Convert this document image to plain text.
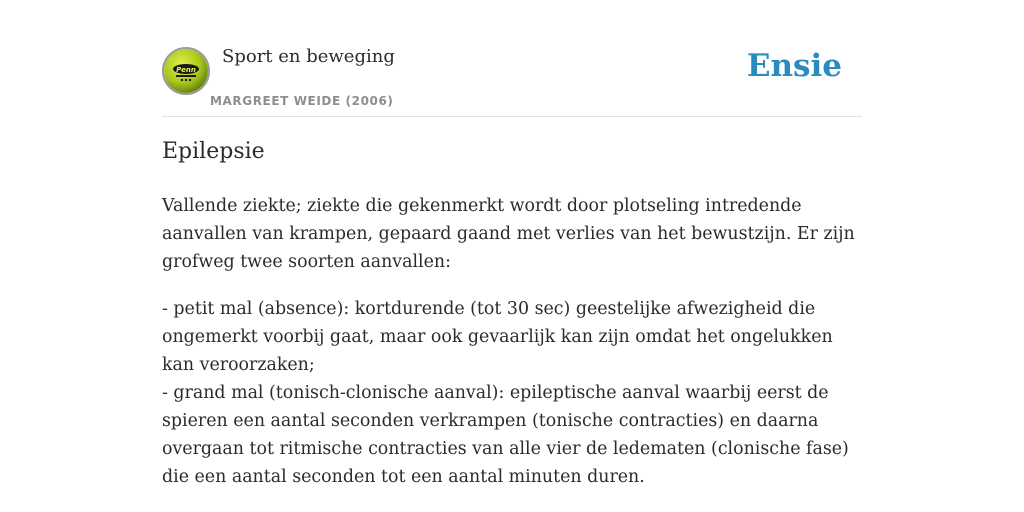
Penn
Sport en beweging
MARGREET WEIDE (2006)
Ensie
Epilepsie

Vallende ziekte; ziekte die gekenmerkt wordt door plotseling intredende aanvallen van krampen, gepaard gaand met verlies van het bewustzijn. Er zijn grofweg twee soorten aanvallen:

- petit mal (absence): kortdurende (tot 30 sec) geestelijke afwezigheid die ongemerkt voorbij gaat, maar ook gevaarlijk kan zijn omdat het ongelukken kan veroorzaken;

- grand mal (tonisch-clonische aanval): epileptische aanval waarbij eerst de spieren een aantal seconden verkrampen (tonische contracties) en daarna overgaan tot ritmische contracties van alle vier de ledematen (clonische fase) die een aantal seconden tot een aantal minuten duren.
